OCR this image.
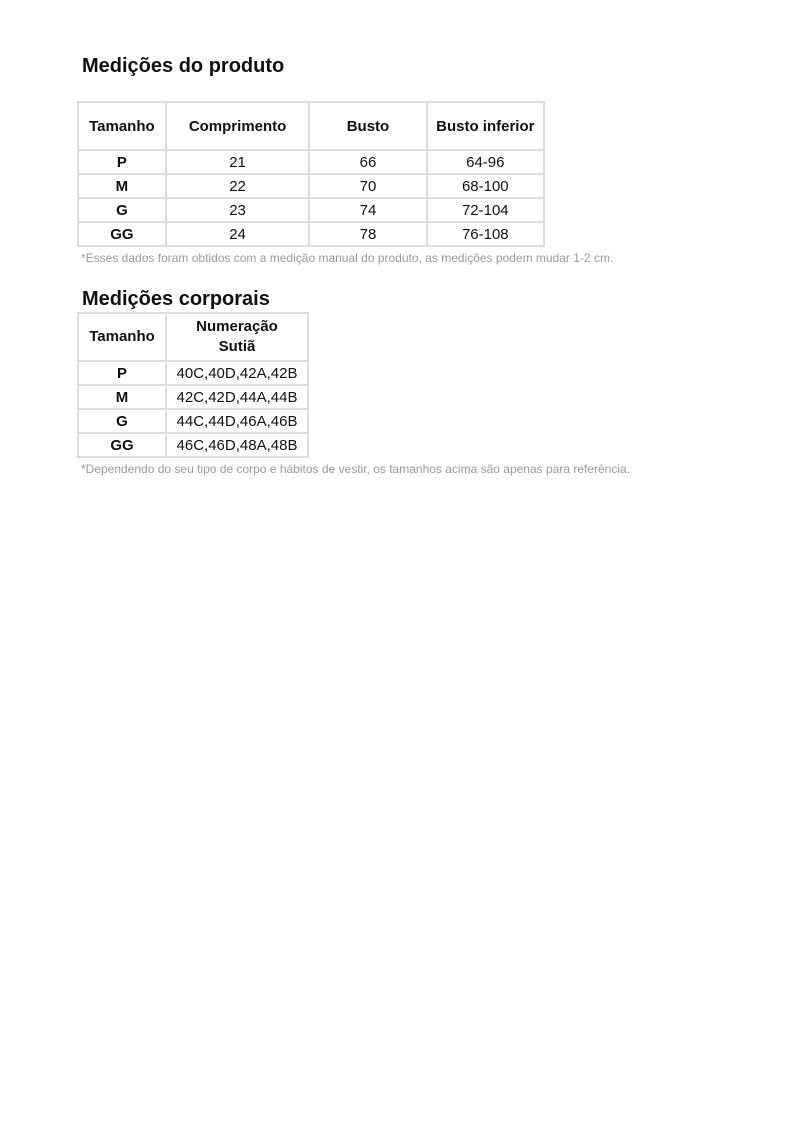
Medições do produto
Tamanho	Comprimento	Busto	Busto inferior
P	21	66	64-96
M	22	70	68-100
G	23	74	72-104
GG	24	78	76-108

*Esses dados foram obtidos com a medição manual do produto, as medições podem mudar 1-2 cm.

Medições corporais
Tamanho	Numeração
Sutiã
P	40C,40D,42A,42B
M	42C,42D,44A,44B
G	44C,44D,46A,46B
GG	46C,46D,48A,48B

*Dependendo do seu tipo de corpo e hábitos de vestir, os tamanhos acima são apenas para referência.
